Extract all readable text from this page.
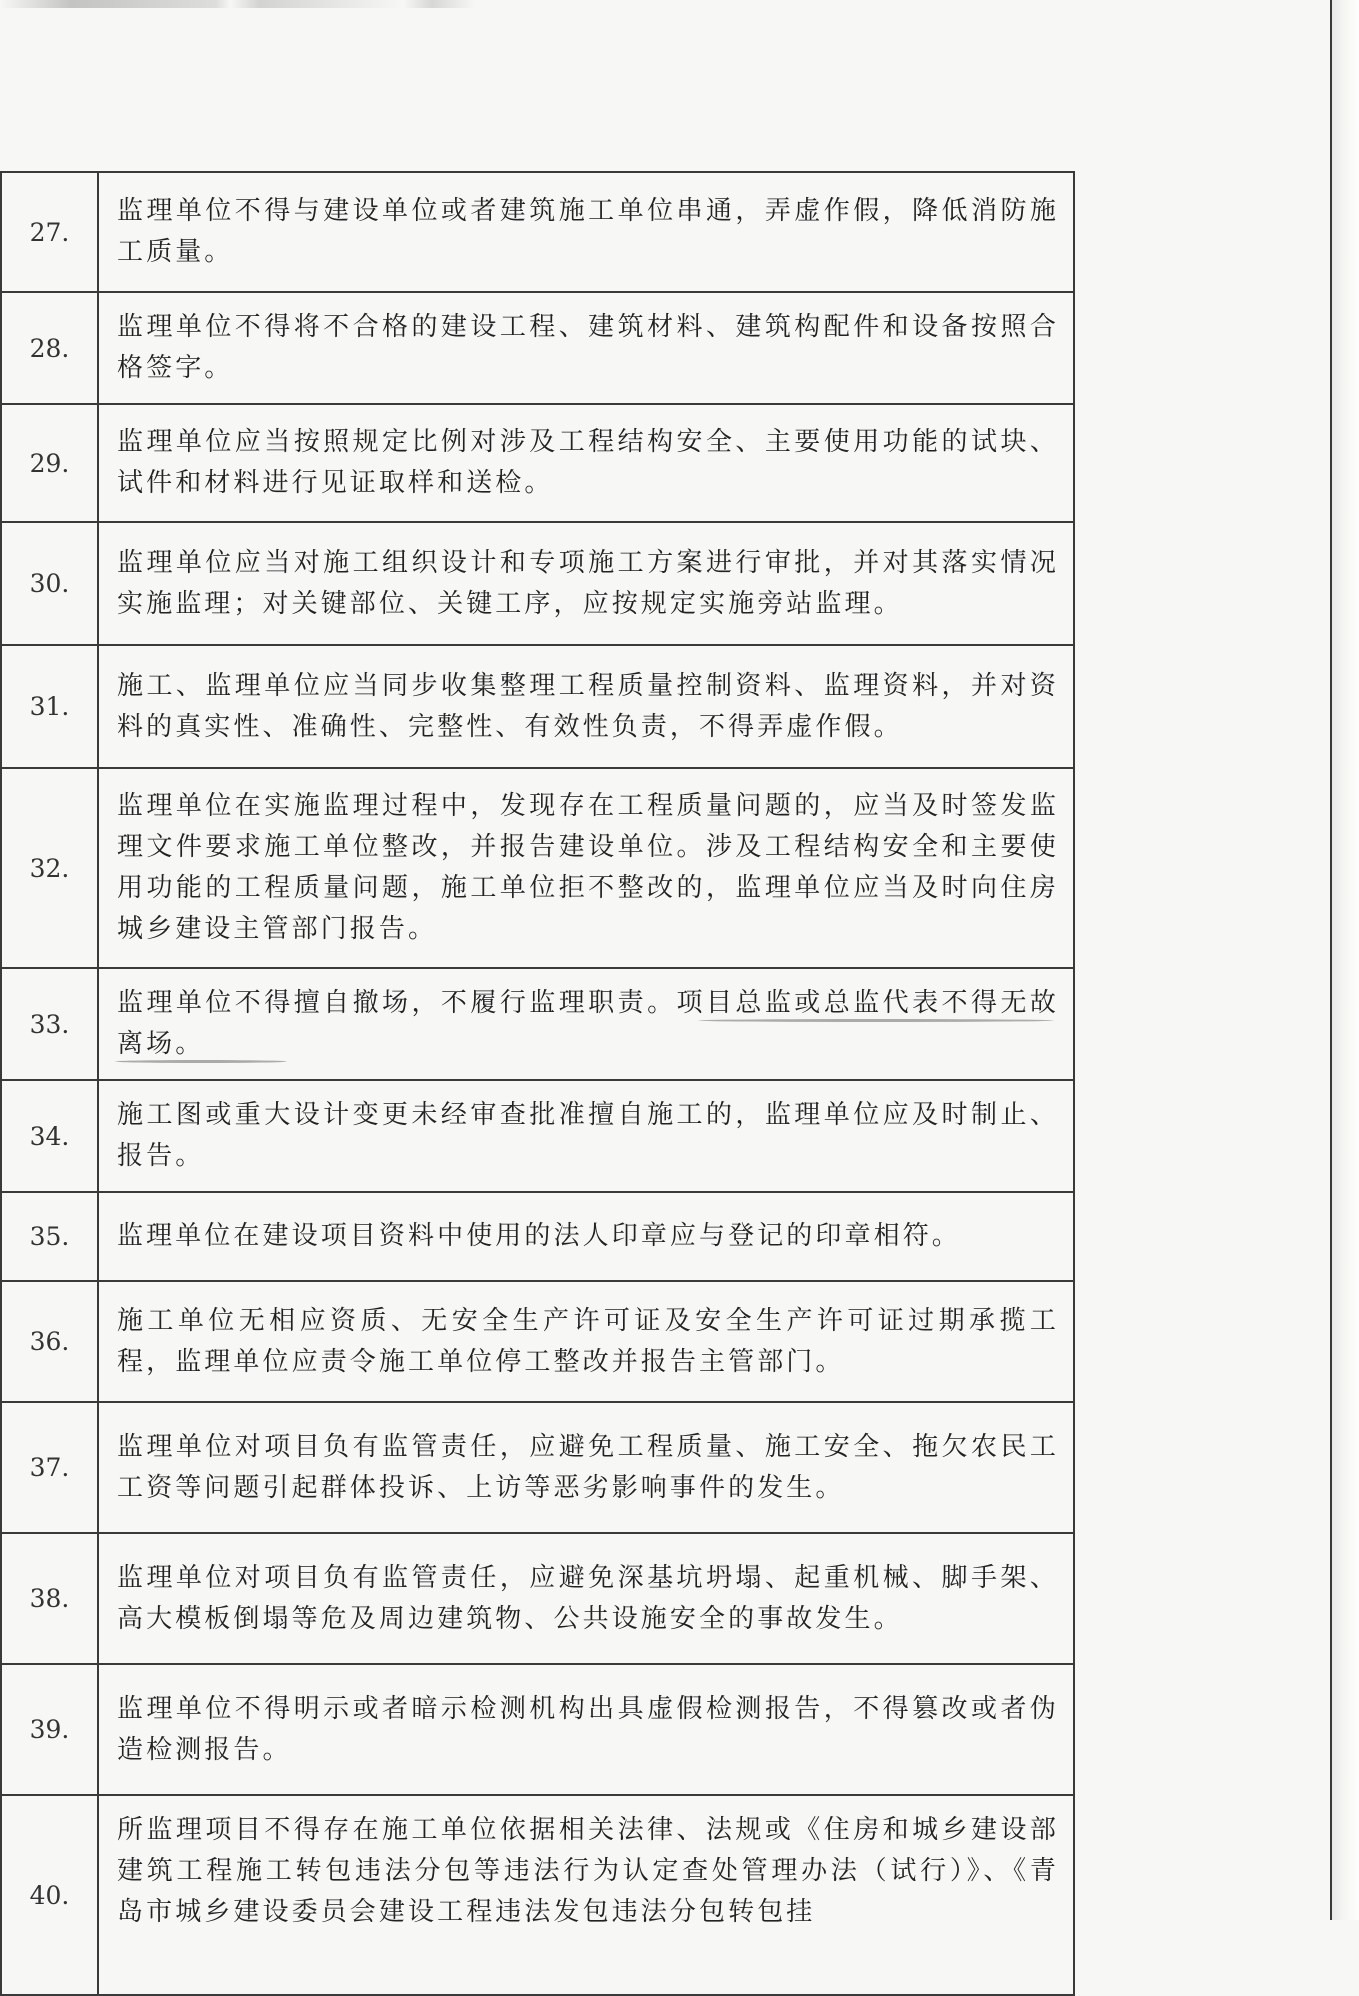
27.	监理单位不得与建设单位或者建筑施工单位串通，弄虚作假，降低消防施工质量。
28.	监理单位不得将不合格的建设工程、建筑材料、建筑构配件和设备按照合格签字。
29.	监理单位应当按照规定比例对涉及工程结构安全、主要使用功能的试块、试件和材料进行见证取样和送检。
30.	监理单位应当对施工组织设计和专项施工方案进行审批，并对其落实情况实施监理；对关键部位、关键工序，应按规定实施旁站监理。
31.	施工、监理单位应当同步收集整理工程质量控制资料、监理资料，并对资料的真实性、准确性、完整性、有效性负责，不得弄虚作假。
32.	监理单位在实施监理过程中，发现存在工程质量问题的，应当及时签发监理文件要求施工单位整改，并报告建设单位。涉及工程结构安全和主要使用功能的工程质量问题，施工单位拒不整改的，监理单位应当及时向住房城乡建设主管部门报告。
33.	监理单位不得擅自撤场，不履行监理职责。项目总监或总监代表不得无故离场。
34.	施工图或重大设计变更未经审查批准擅自施工的，监理单位应及时制止、报告。
35.	监理单位在建设项目资料中使用的法人印章应与登记的印章相符。
36.	施工单位无相应资质、无安全生产许可证及安全生产许可证过期承揽工程，监理单位应责令施工单位停工整改并报告主管部门。
37.	监理单位对项目负有监管责任，应避免工程质量、施工安全、拖欠农民工工资等问题引起群体投诉、上访等恶劣影响事件的发生。
38.	监理单位对项目负有监管责任，应避免深基坑坍塌、起重机械、脚手架、高大模板倒塌等危及周边建筑物、公共设施安全的事故发生。
39.	监理单位不得明示或者暗示检测机构出具虚假检测报告，不得篡改或者伪造检测报告。
40.	所监理项目不得存在施工单位依据相关法律、法规或《住房和城乡建设部建筑工程施工转包违法分包等违法行为认定查处管理办法（试行）》、《青岛市城乡建设委员会建设工程违法发包违法分包转包挂
